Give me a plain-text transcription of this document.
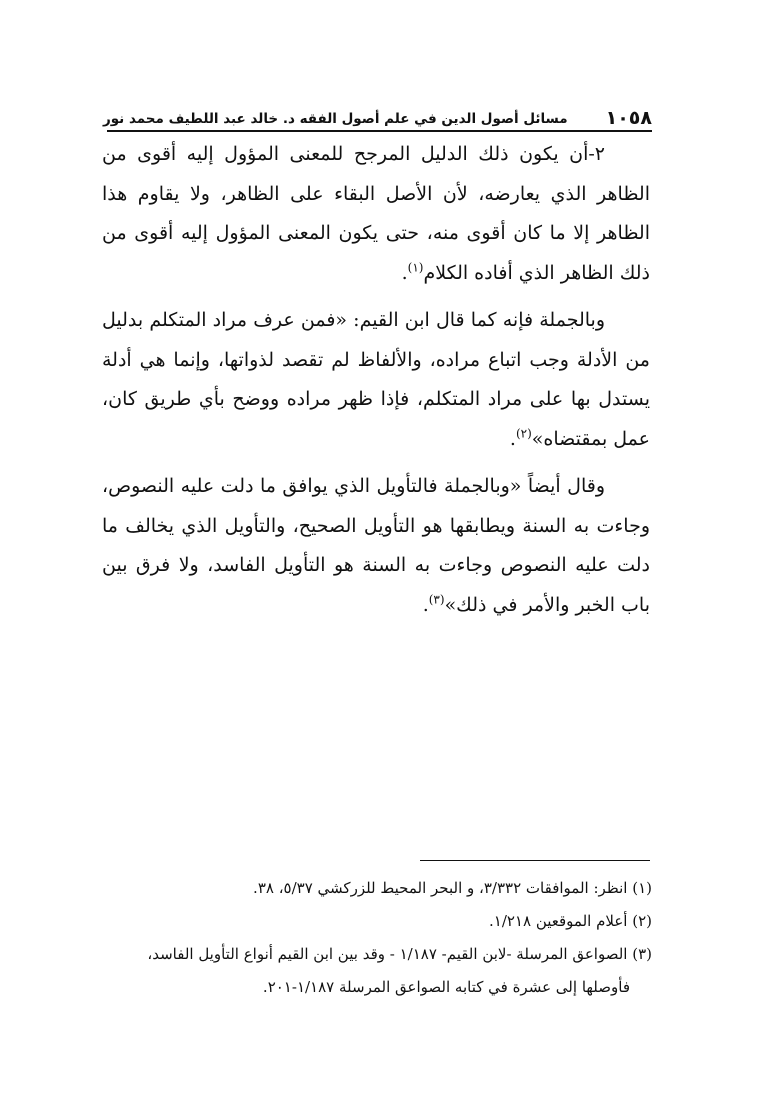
١٠٥٨
مسائل أصول الدين في علم أصول الفقه د. خالد عبد اللطيف محمد نور

٢-أن يكون ذلك الدليل المرجح للمعنى المؤول إليه أقوى من الظاهر الذي يعارضه، لأن الأصل البقاء على الظاهر، ولا يقاوم هذا الظاهر إلا ما كان أقوى منه، حتى يكون المعنى المؤول إليه أقوى من ذلك الظاهر الذي أفاده الكلام$^{(١)}$.

وبالجملة فإنه كما قال ابن القيم: «فمن عرف مراد المتكلم بدليل من الأدلة وجب اتباع مراده، والألفاظ لم تقصد لذواتها، وإنما هي أدلة يستدل بها على مراد المتكلم، فإذا ظهر مراده ووضح بأي طريق كان، عمل بمقتضاه»$^{(٢)}$.

وقال أيضاً «وبالجملة فالتأويل الذي يوافق ما دلت عليه النصوص، وجاءت به السنة ويطابقها هو التأويل الصحيح، والتأويل الذي يخالف ما دلت عليه النصوص وجاءت به السنة هو التأويل الفاسد، ولا فرق بين باب الخبر والأمر في ذلك»$^{(٣)}$.

(١) انظر: الموافقات ٣/٣٣٢، و البحر المحيط للزركشي ٥/٣٧، ٣٨.
(٢) أعلام الموقعين ١/٢١٨.
(٣) الصواعق المرسلة -لابن القيم- ١/١٨٧ - وقد بين ابن القيم أنواع التأويل الفاسد،
فأوصلها إلى عشرة في كتابه الصواعق المرسلة ١/١٨٧-٢٠١.
